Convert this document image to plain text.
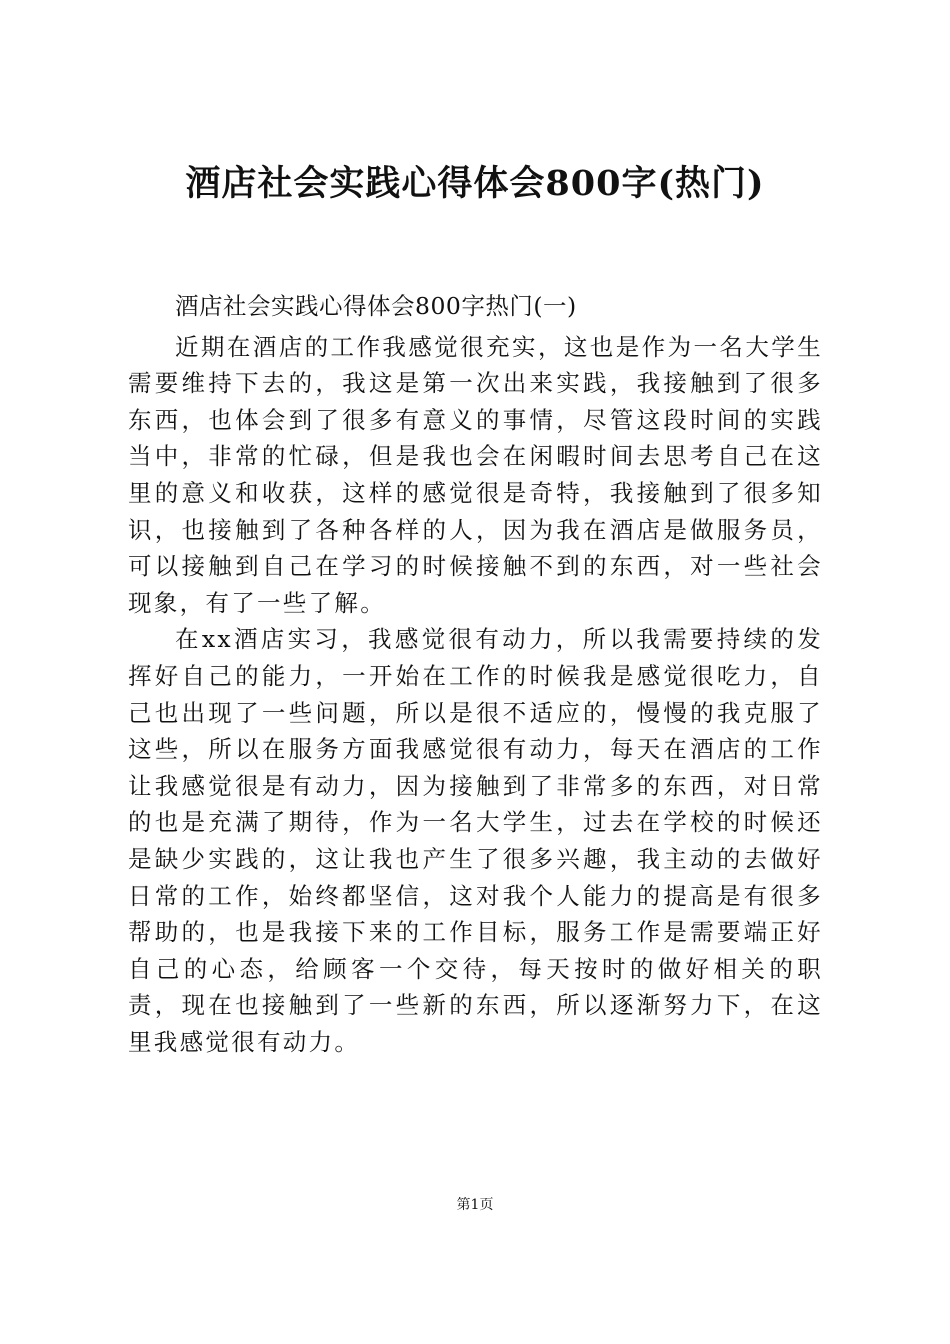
酒店社会实践心得体会800字(热门)

酒店社会实践心得体会800字热门(一)

近期在酒店的工作我感觉很充实，这也是作为一名大学生需要维持下去的，我这是第一次出来实践，我接触到了很多东西，也体会到了很多有意义的事情，尽管这段时间的实践当中，非常的忙碌，但是我也会在闲暇时间去思考自己在这里的意义和收获，这样的感觉很是奇特，我接触到了很多知识，也接触到了各种各样的人，因为我在酒店是做服务员，可以接触到自己在学习的时候接触不到的东西，对一些社会现象，有了一些了解。

在xx酒店实习，我感觉很有动力，所以我需要持续的发挥好自己的能力，一开始在工作的时候我是感觉很吃力，自己也出现了一些问题，所以是很不适应的，慢慢的我克服了这些，所以在服务方面我感觉很有动力，每天在酒店的工作让我感觉很是有动力，因为接触到了非常多的东西，对日常的也是充满了期待，作为一名大学生，过去在学校的时候还是缺少实践的，这让我也产生了很多兴趣，我主动的去做好日常的工作，始终都坚信，这对我个人能力的提高是有很多帮助的，也是我接下来的工作目标，服务工作是需要端正好自己的心态，给顾客一个交待，每天按时的做好相关的职责，现在也接触到了一些新的东西，所以逐渐努力下，在这里我感觉很有动力。

第1页
